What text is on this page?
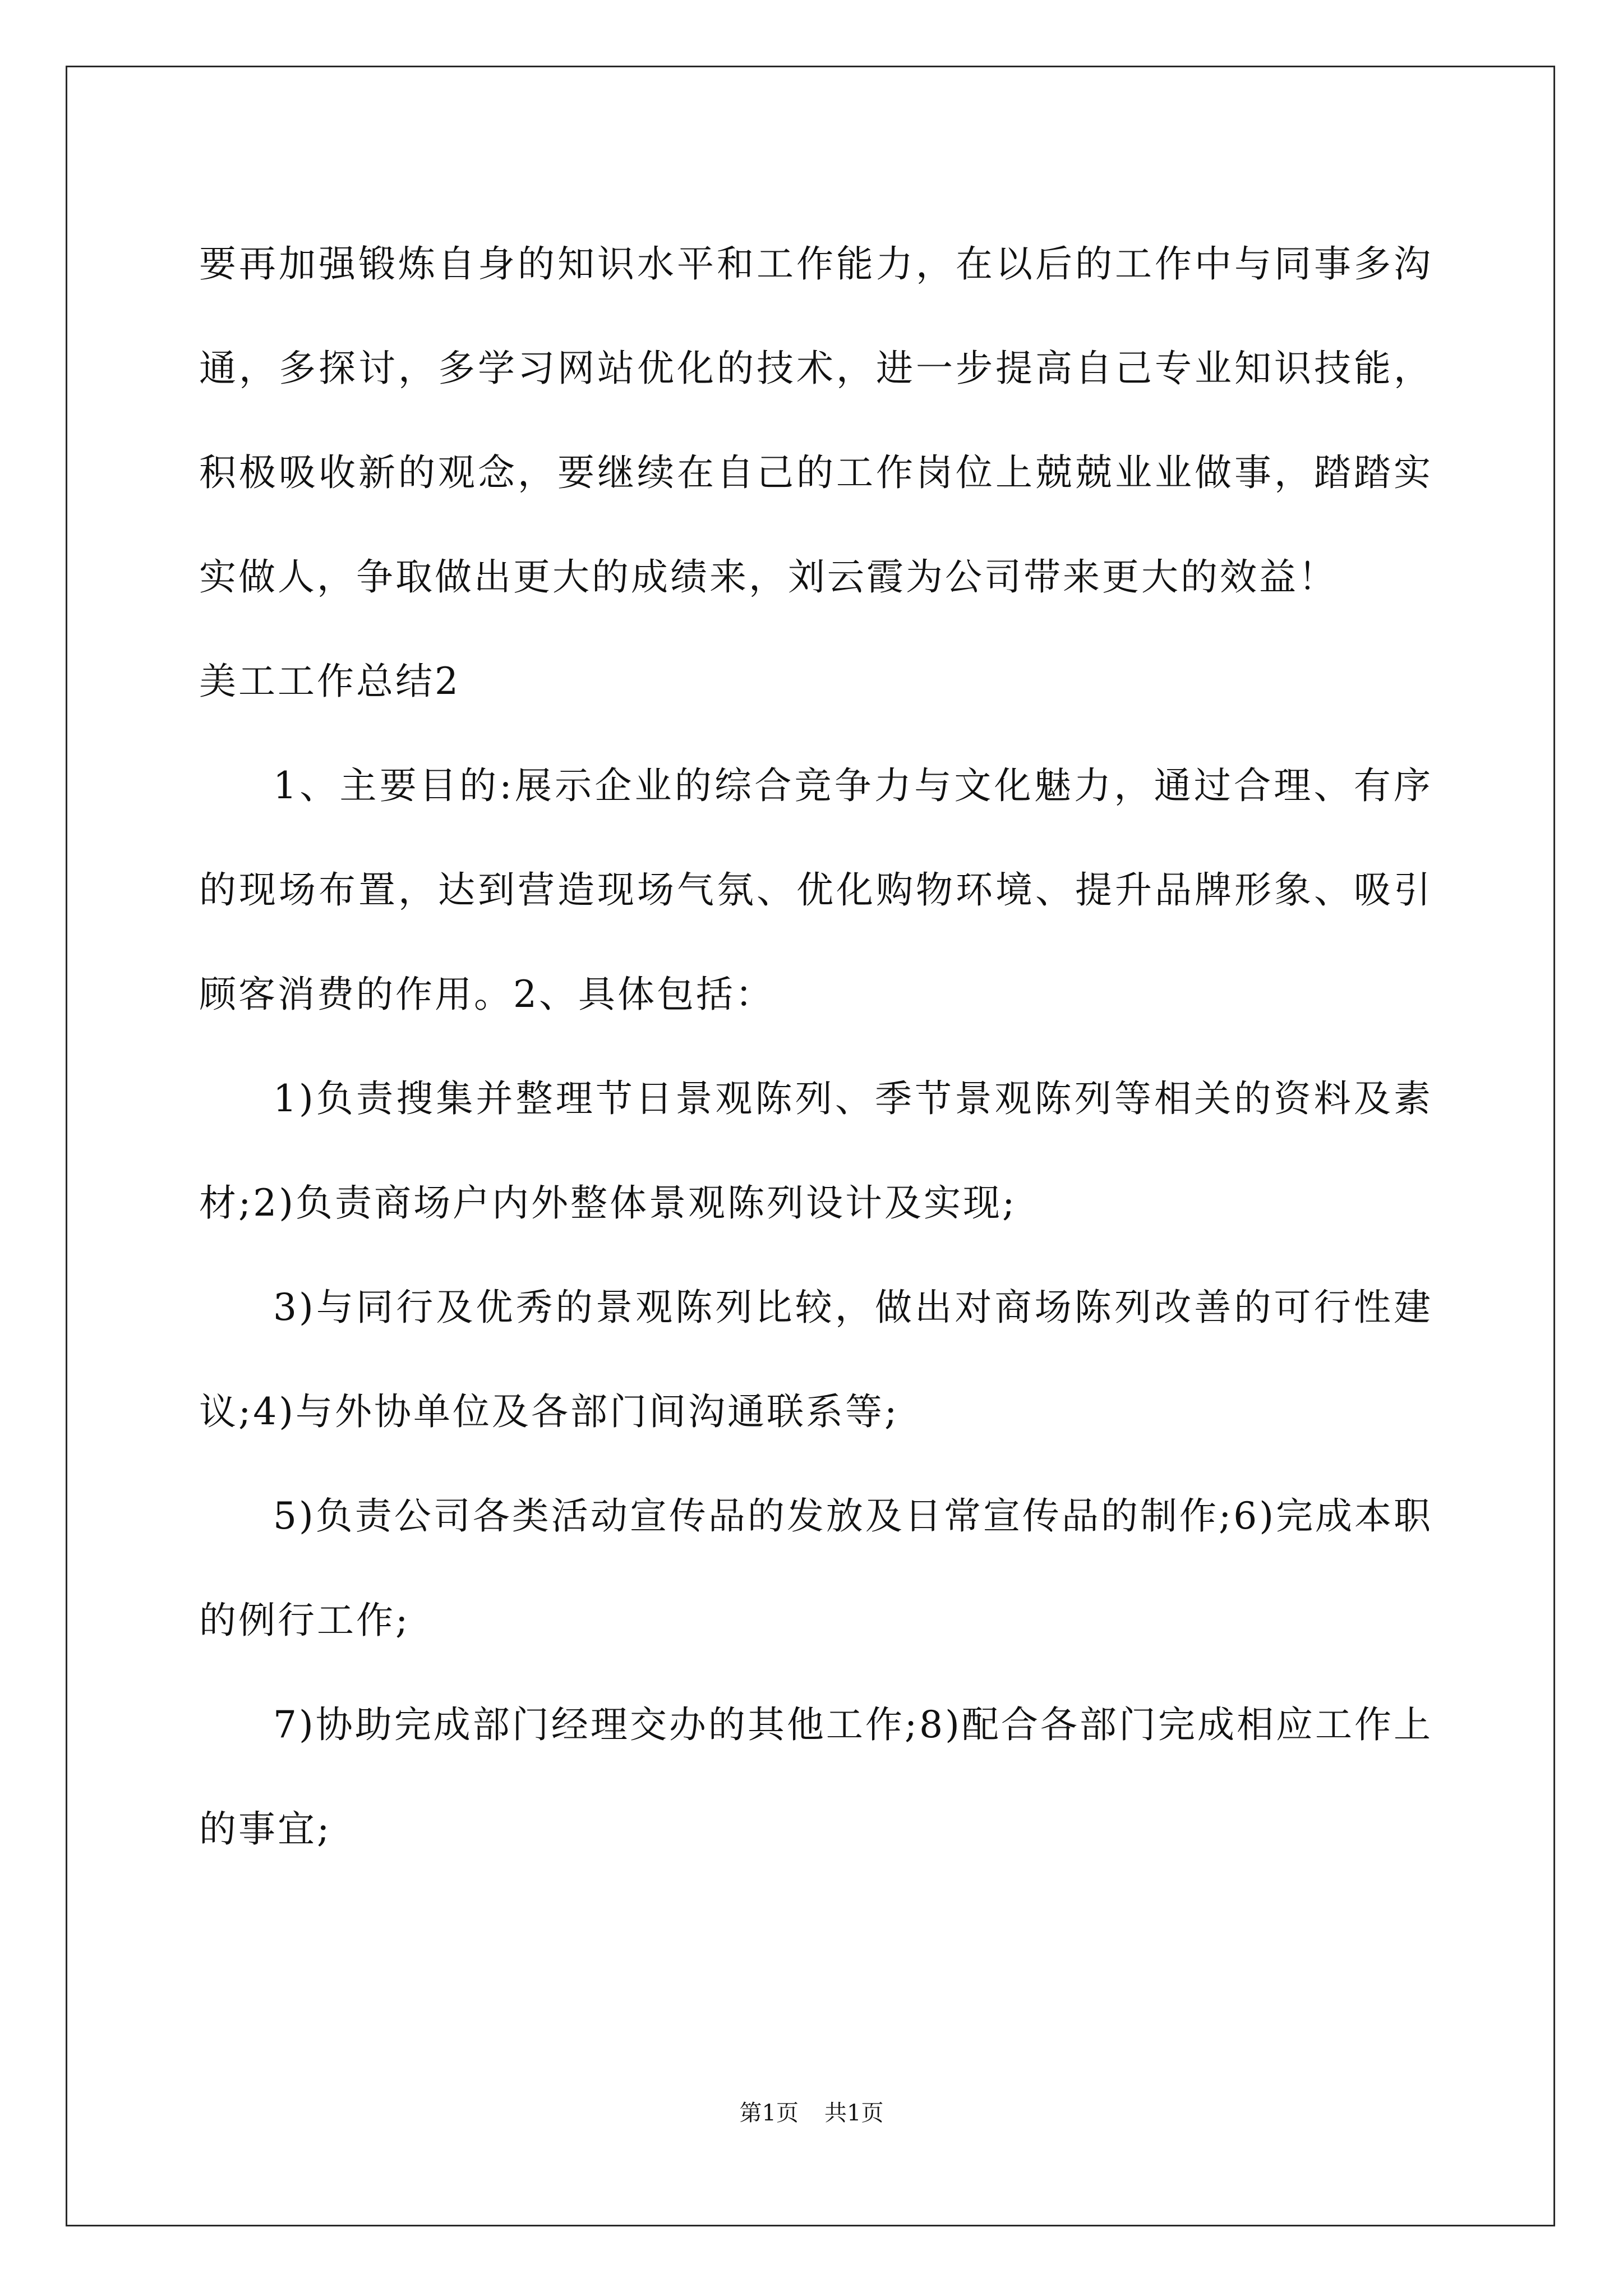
要再加强锻炼自身的知识水平和工作能力，在以后的工作中与同事多沟通，多探讨，多学习网站优化的技术，进一步提高自己专业知识技能，积极吸收新的观念，要继续在自己的工作岗位上兢兢业业做事，踏踏实实做人，争取做出更大的成绩来，刘云霞为公司带来更大的效益！

美工工作总结2

1、主要目的:展示企业的综合竞争力与文化魅力，通过合理、有序的现场布置，达到营造现场气氛、优化购物环境、提升品牌形象、吸引顾客消费的作用。2、具体包括：

1)负责搜集并整理节日景观陈列、季节景观陈列等相关的资料及素材;2)负责商场户内外整体景观陈列设计及实现;

3)与同行及优秀的景观陈列比较，做出对商场陈列改善的可行性建议;4)与外协单位及各部门间沟通联系等;

5)负责公司各类活动宣传品的发放及日常宣传品的制作;6)完成本职的例行工作;

7)协助完成部门经理交办的其他工作;8)配合各部门完成相应工作上的事宜;

第1页 共1页
